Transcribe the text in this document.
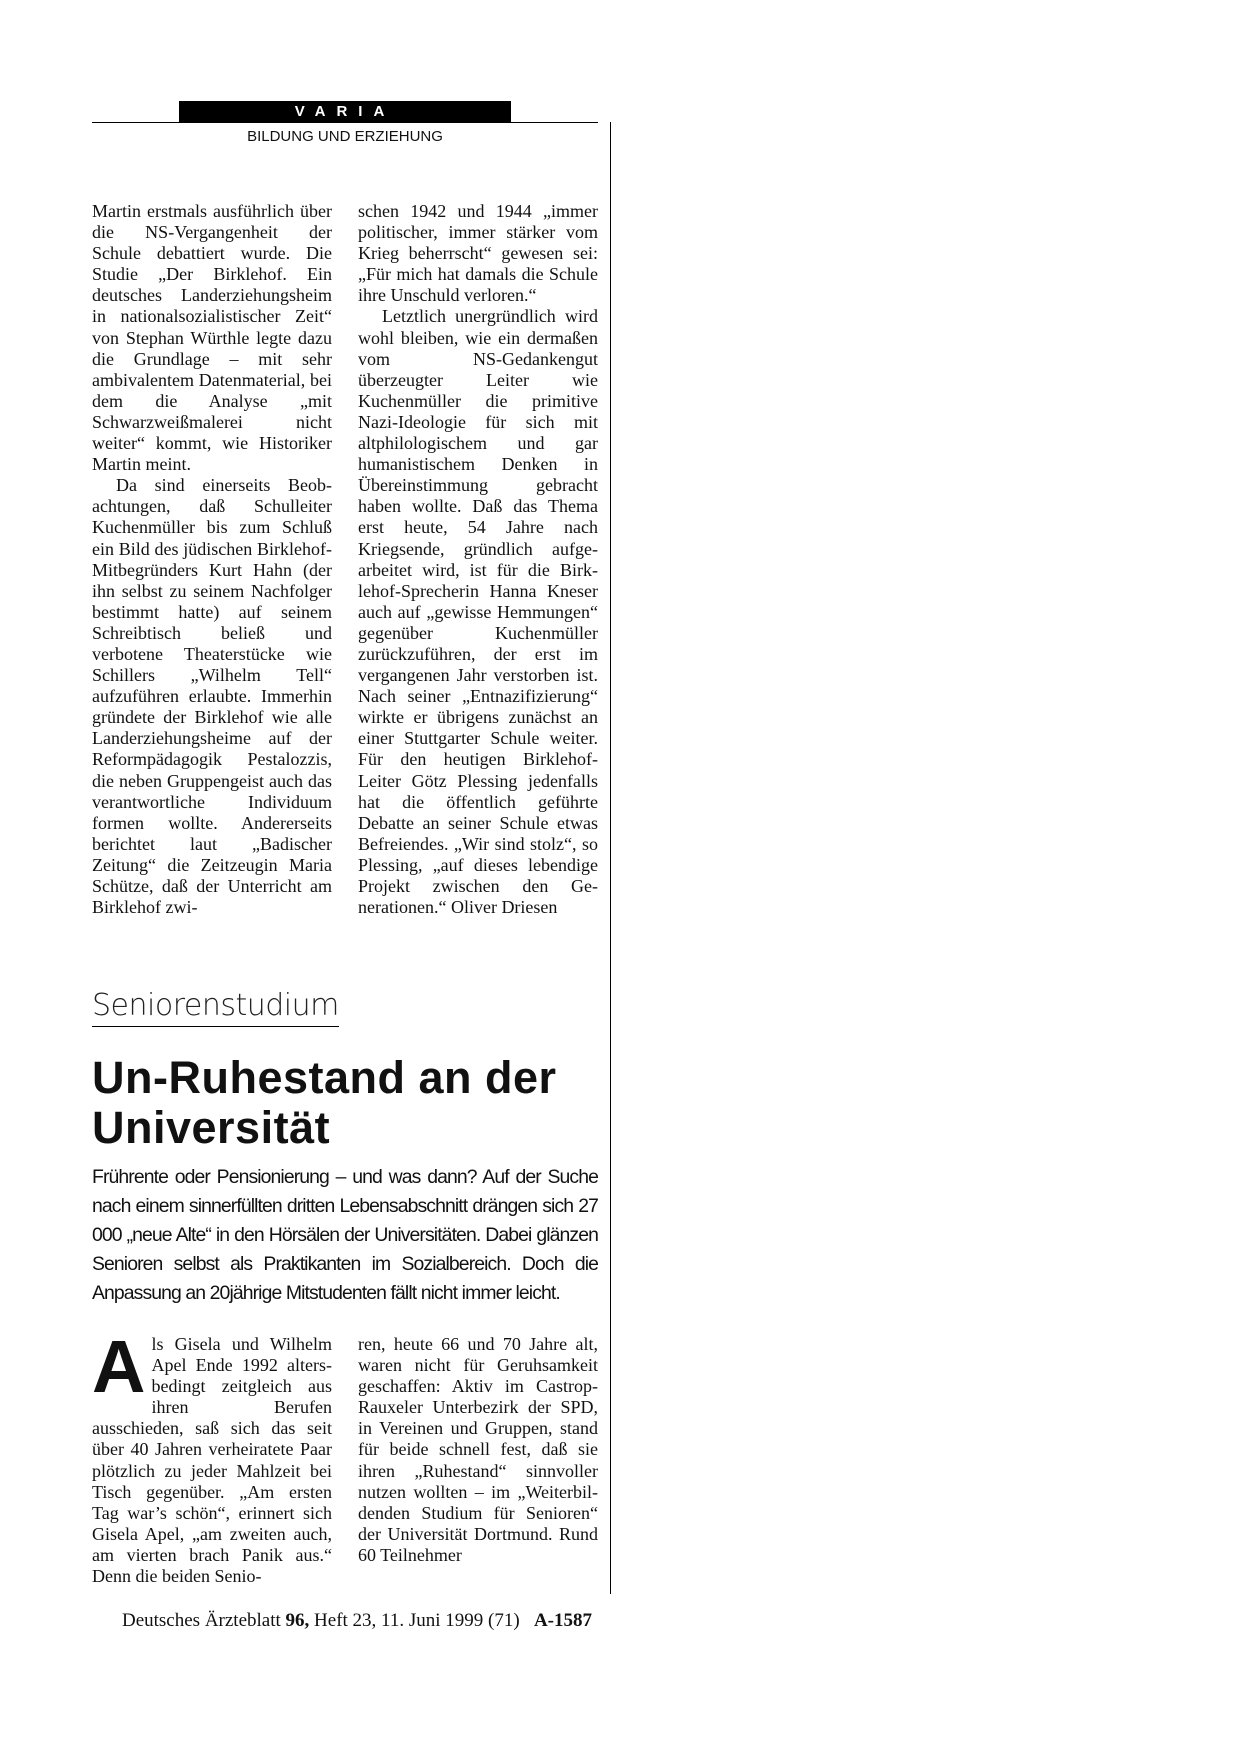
VARIA
BILDUNG UND ERZIEHUNG

Martin erstmals ausführlich über die NS-Vergangenheit der Schule debattiert wurde. Die Studie „Der Birklehof. Ein deutsches Landerziehungsheim in nationalsozialistischer Zeit“ von Stephan Würthle legte dazu die Grundlage – mit sehr ambivalentem Datenmaterial, bei dem die Analyse „mit Schwarzweißmalerei nicht weiter“ kommt, wie Historiker Martin meint.

Da sind einerseits Beobachtungen, daß Schulleiter Kuchenmüller bis zum Schluß ein Bild des jüdischen Birklehof-Mitbegründers Kurt Hahn (der ihn selbst zu seinem Nachfolger bestimmt hatte) auf seinem Schreibtisch beließ und verbotene Theaterstücke wie Schillers „Wilhelm Tell“ aufzuführen erlaubte. Immerhin gründete der Birklehof wie alle Landerziehungsheime auf der Reformpädagogik Pestalozzis, die neben Gruppengeist auch das verantwortliche Individuum formen wollte. Andererseits berichtet laut „Badischer Zeitung“ die Zeitzeugin Maria Schütze, daß der Unterricht am Birklehof zwi-

schen 1942 und 1944 „immer politischer, immer stärker vom Krieg beherrscht“ gewesen sei: „Für mich hat damals die Schule ihre Unschuld verloren.“

Letztlich unergründlich wird wohl bleiben, wie ein dermaßen vom NS-Gedankengut überzeugter Leiter wie Kuchenmüller die primitive Nazi-Ideologie für sich mit altphilologischem und gar humanistischem Denken in Übereinstimmung gebracht haben wollte. Daß das Thema erst heute, 54 Jahre nach Kriegsende, gründlich aufgearbeitet wird, ist für die Birklehof-Sprecherin Hanna Kneser auch auf „gewisse Hemmungen“ gegenüber Kuchenmüller zurückzuführen, der erst im vergangenen Jahr verstorben ist. Nach seiner „Entnazifizierung“ wirkte er übrigens zunächst an einer Stuttgarter Schule weiter. Für den heutigen Birklehof-Leiter Götz Plessing jedenfalls hat die öffentlich geführte Debatte an seiner Schule etwas Befreiendes. „Wir sind stolz“, so Plessing, „auf dieses lebendige Projekt zwischen den Generationen.“ Oliver Driesen

Seniorenstudium
Un-Ruhestand an der Universität
Frührente oder Pensionierung – und was dann? Auf der Suche nach einem sinnerfüllten dritten Lebensabschnitt drängen sich 27 000 „neue Alte“ in den Hörsälen der Universitäten. Dabei glänzen Senioren selbst als Praktikanten im Sozialbereich. Doch die Anpassung an 20jährige Mitstudenten fällt nicht immer leicht.
A ls Gisela und Wilhelm Apel Ende 1992 altersbedingt zeitgleich aus ihren Berufen ausschieden, saß sich das seit über 40 Jahren verheiratete Paar plötzlich zu jeder Mahlzeit bei Tisch gegenüber. „Am ersten Tag war’s schön“, erinnert sich Gisela Apel, „am zweiten auch, am vierten brach Panik aus.“ Denn die beiden Senio-

ren, heute 66 und 70 Jahre alt, waren nicht für Geruhsamkeit geschaffen: Aktiv im Castrop-Rauxeler Unterbezirk der SPD, in Vereinen und Gruppen, stand für beide schnell fest, daß sie ihren „Ruhestand“ sinnvoller nutzen wollten – im „Weiterbildenden Studium für Senioren“ der Universität Dortmund. Rund 60 Teilnehmer

Deutsches Ärzteblatt 96, Heft 23, 11. Juni 1999 (71) A-1587
